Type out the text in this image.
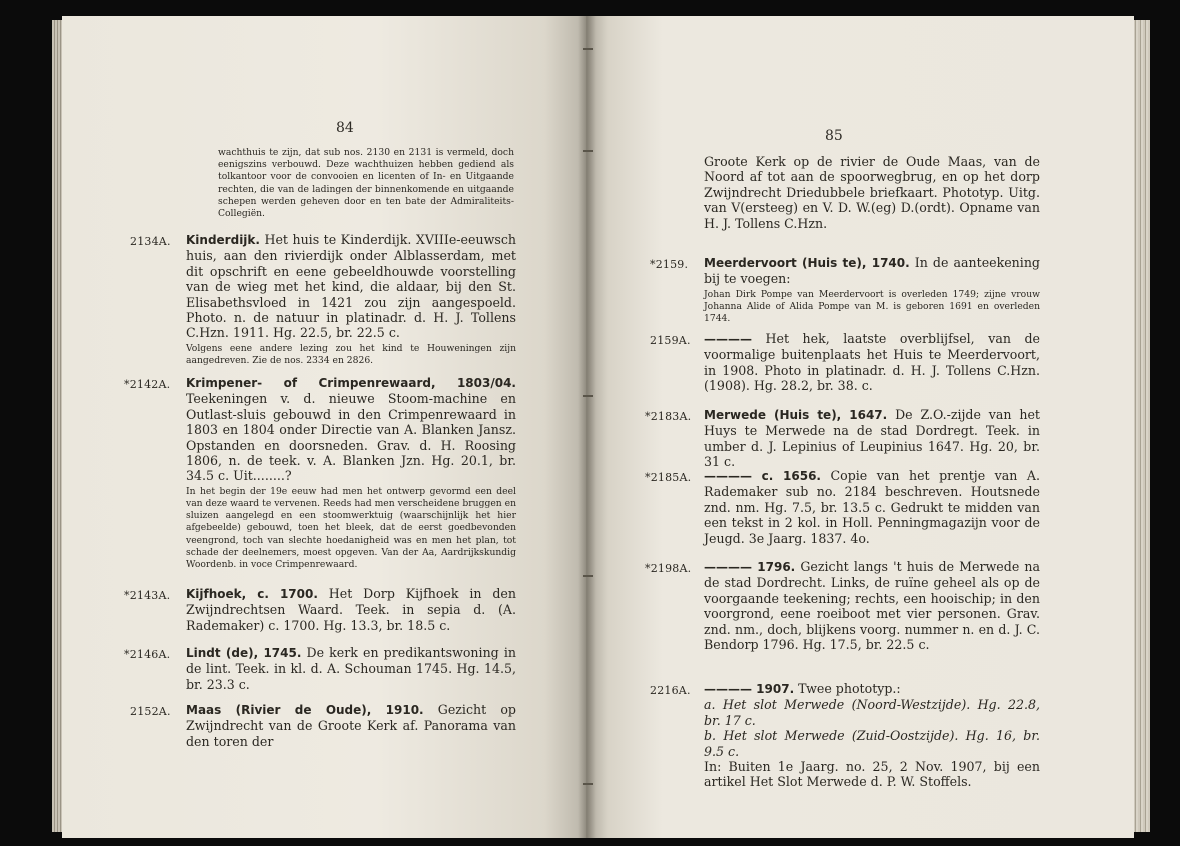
84
wachthuis te zijn, dat sub nos. 2130 en 2131 is vermeld, doch eenigszins verbouwd. Deze wachthuizen hebben gediend als tolkantoor voor de convooien en licenten of In- en Uitgaande rechten, die van de ladingen der binnenkomende en uitgaande schepen werden geheven door en ten bate der Admiraliteits-Collegiën.
2134A. Kinderdijk. Het huis te Kinderdijk. XVIIIe-eeuwsch huis, aan den rivierdijk onder Alblasserdam, met dit opschrift en eene gebeeldhouwde voorstelling van de wieg met het kind, die aldaar, bij den St. Elisabethsvloed in 1421 zou zijn aangespoeld. Photo. n. de natuur in platinadr. d. H. J. Tollens C.Hzn. 1911. Hg. 22.5, br. 22.5 c.

Volgens eene andere lezing zou het kind te Houweningen zijn aangedreven. Zie de nos. 2334 en 2826.

*2142A. Krimpener- of Crimpenrewaard, 1803/04. Teekeningen v. d. nieuwe Stoom-machine en Outlast-sluis gebouwd in den Crimpenrewaard in 1803 en 1804 onder Directie van A. Blanken Jansz. Opstanden en doorsneden. Grav. d. H. Roosing 1806, n. de teek. v. A. Blanken Jzn. Hg. 20.1, br. 34.5 c. Uit........?

In het begin der 19e eeuw had men het ontwerp gevormd een deel van deze waard te vervenen. Reeds had men verscheidene bruggen en sluizen aangelegd en een stoomwerktuig (waarschijnlijk het hier afgebeelde) gebouwd, toen het bleek, dat de eerst goedbevonden veengrond, toch van slechte hoedanigheid was en men het plan, tot schade der deelnemers, moest opgeven. Van der Aa, Aardrijkskundig Woordenb. in voce Crimpenrewaard.

*2143A. Kijfhoek, c. 1700. Het Dorp Kijfhoek in den Zwijndrechtsen Waard. Teek. in sepia d. (A. Rademaker) c. 1700. Hg. 13.3, br. 18.5 c.

*2146A. Lindt (de), 1745. De kerk en predikantswoning in de lint. Teek. in kl. d. A. Schouman 1745. Hg. 14.5, br. 23.3 c.

2152A. Maas (Rivier de Oude), 1910. Gezicht op Zwijndrecht van de Groote Kerk af. Panorama van den toren der

85
Groote Kerk op de rivier de Oude Maas, van de Noord af tot aan de spoorwegbrug, en op het dorp Zwijndrecht Driedubbele briefkaart. Phototyp. Uitg. van V(ersteeg) en V. D. W.(eg) D.(ordt). Opname van H. J. Tollens C.Hzn.
*2159. Meerdervoort (Huis te), 1740. In de aanteekening bij te voegen:

Johan Dirk Pompe van Meerdervoort is overleden 1749; zijne vrouw Johanna Alide of Alida Pompe van M. is geboren 1691 en overleden 1744.

2159A. ———— Het hek, laatste overblijfsel, van de voormalige buitenplaats het Huis te Meerdervoort, in 1908. Photo in platinadr. d. H. J. Tollens C.Hzn. (1908). Hg. 28.2, br. 38. c.

*2183A. Merwede (Huis te), 1647. De Z.O.-zijde van het Huys te Merwede na de stad Dordregt. Teek. in umber d. J. Lepinius of Leupinius 1647. Hg. 20, br. 31 c.

*2185A. ———— c. 1656. Copie van het prentje van A. Rademaker sub no. 2184 beschreven. Houtsnede znd. nm. Hg. 7.5, br. 13.5 c. Gedrukt te midden van een tekst in 2 kol. in Holl. Penningmagazijn voor de Jeugd. 3e Jaarg. 1837. 4o.

*2198A. ———— 1796. Gezicht langs 't huis de Merwede na de stad Dordrecht. Links, de ruïne geheel als op de voorgaande teekening; rechts, een hooischip; in den voorgrond, eene roeiboot met vier personen. Grav. znd. nm., doch, blijkens voorg. nummer n. en d. J. C. Bendorp 1796. Hg. 17.5, br. 22.5 c.

2216A. ———— 1907. Twee phototyp.:

a. Het slot Merwede (Noord-Westzijde). Hg. 22.8, br. 17 c.

b. Het slot Merwede (Zuid-Oostzijde). Hg. 16, br. 9.5 c.

In: Buiten 1e Jaarg. no. 25, 2 Nov. 1907, bij een artikel Het Slot Merwede d. P. W. Stoffels.
